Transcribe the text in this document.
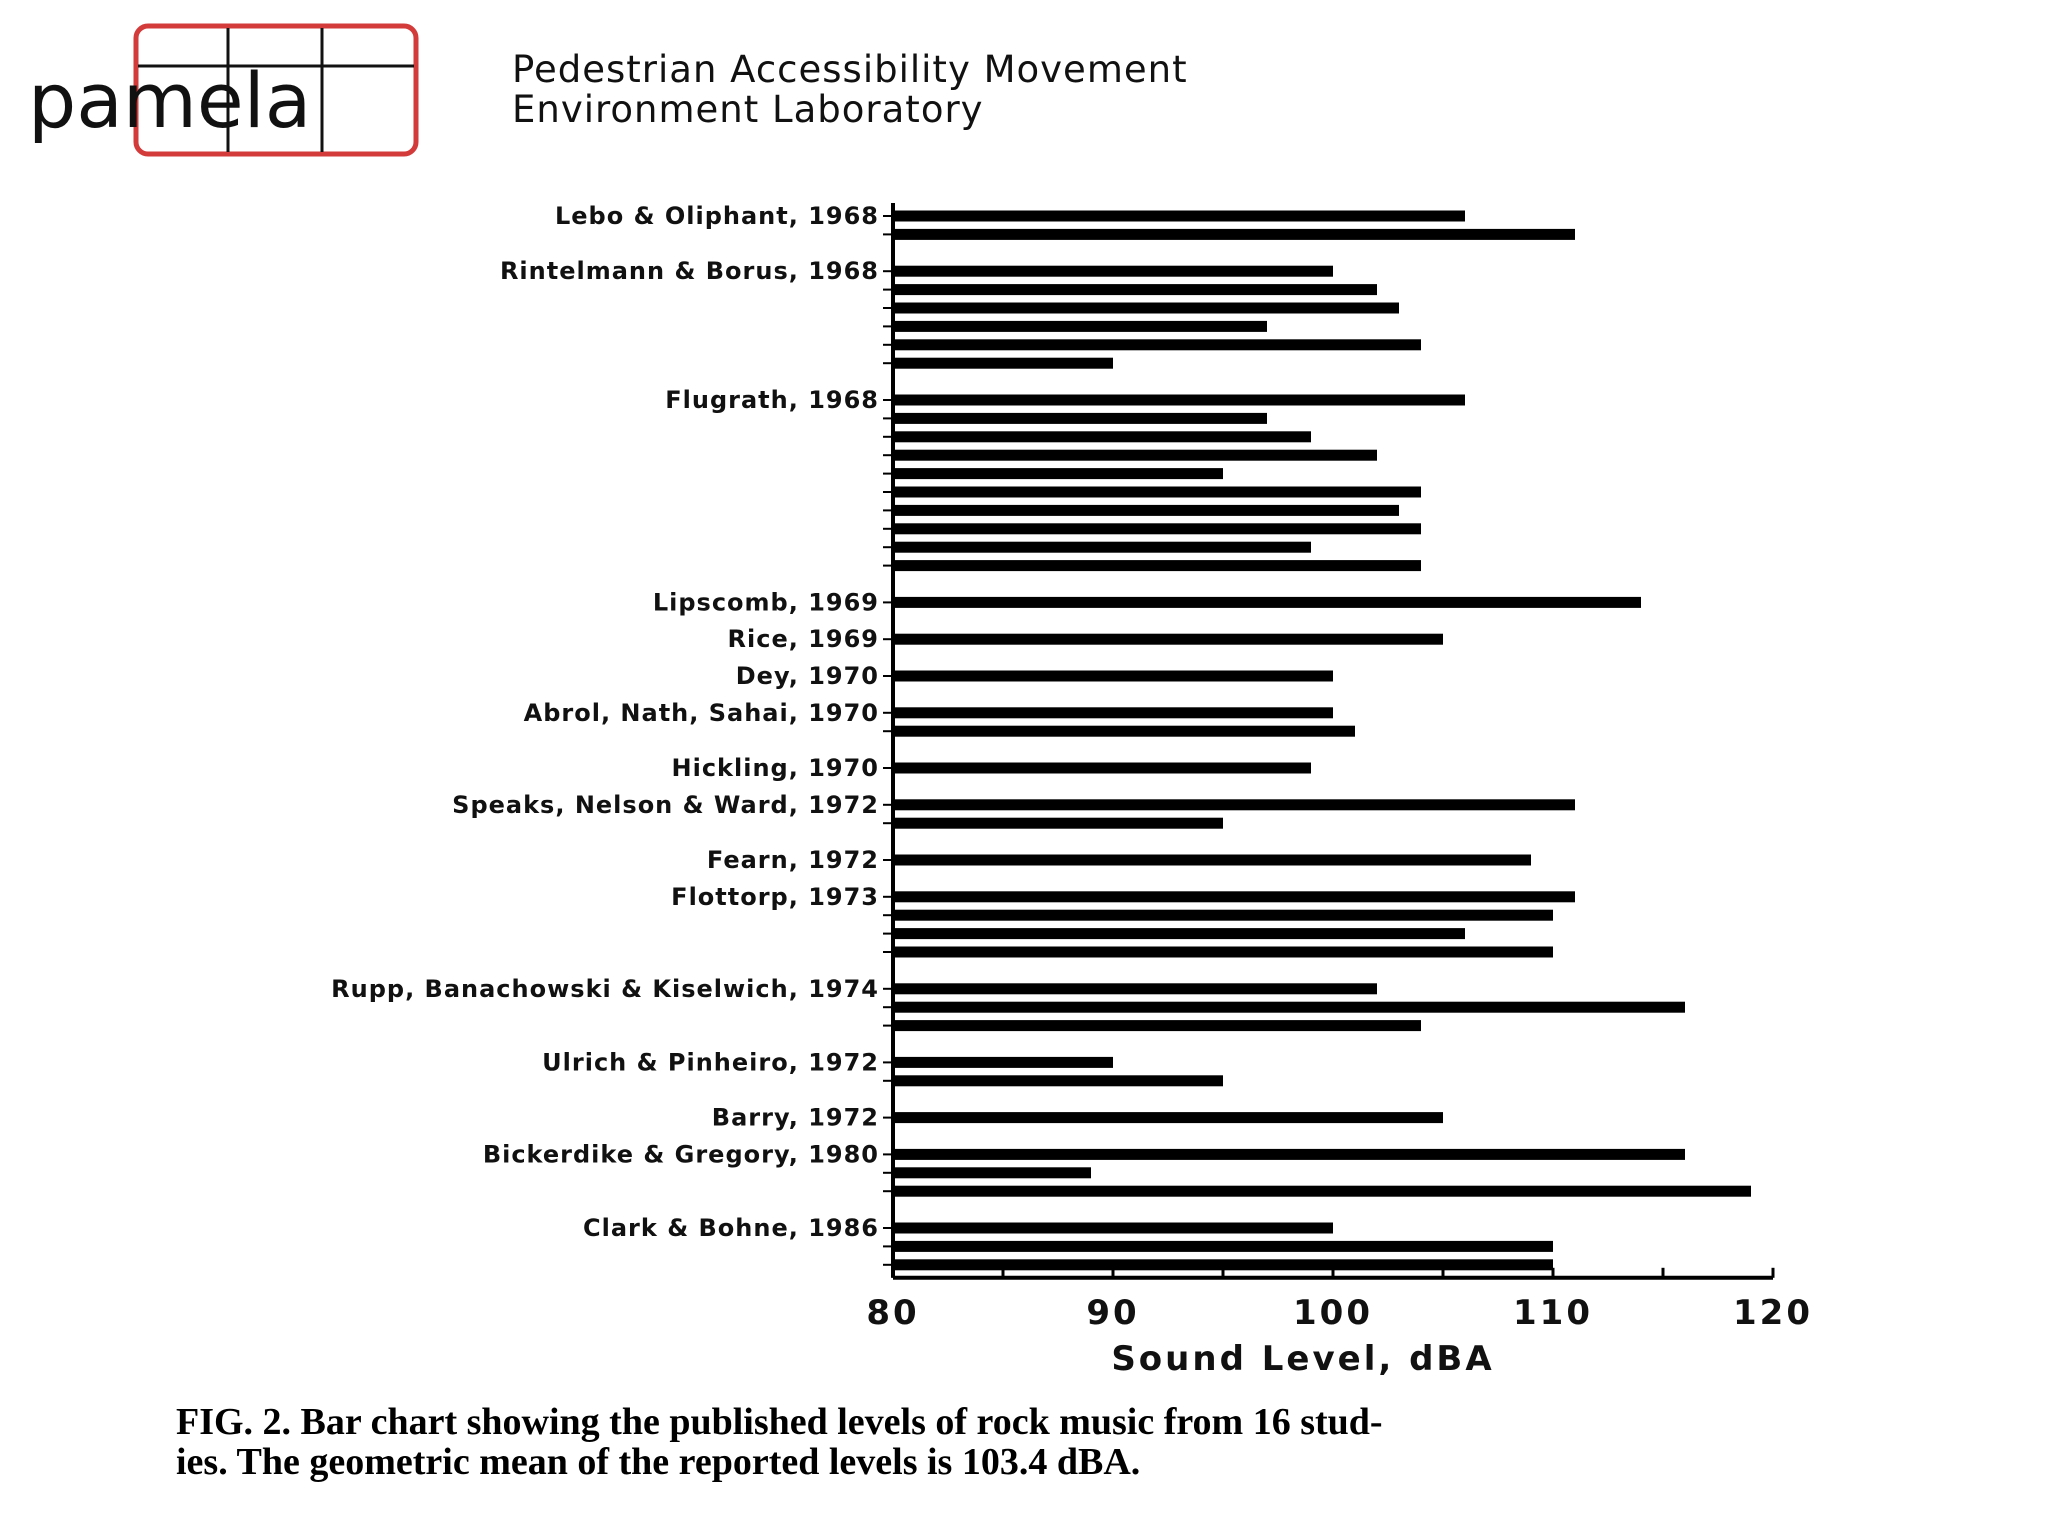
pamela	Pedestrian Accessibility Movement
Environment Laboratory
Lebo & Oliphant, 1968
Rintelmann & Borus, 1968
Flugrath, 1968
Lipscomb, 1969
Rice, 1969
Dey, 1970
Abrol, Nath, Sahai, 1970
Hickling, 1970
Speaks, Nelson & Ward, 1972
Fearn, 1972
Flottorp, 1973
Rupp, Banachowski & Kiselwich, 1974
Ulrich & Pinheiro, 1972
Barry, 1972
Bickerdike & Gregory, 1980
Clark & Bohne, 1986
80	90	100	110	120
Sound Level, dBA
FIG. 2. Bar chart showing the published levels of rock music from 16 stud-
ies. The geometric mean of the reported levels is 103.4 dBA.
